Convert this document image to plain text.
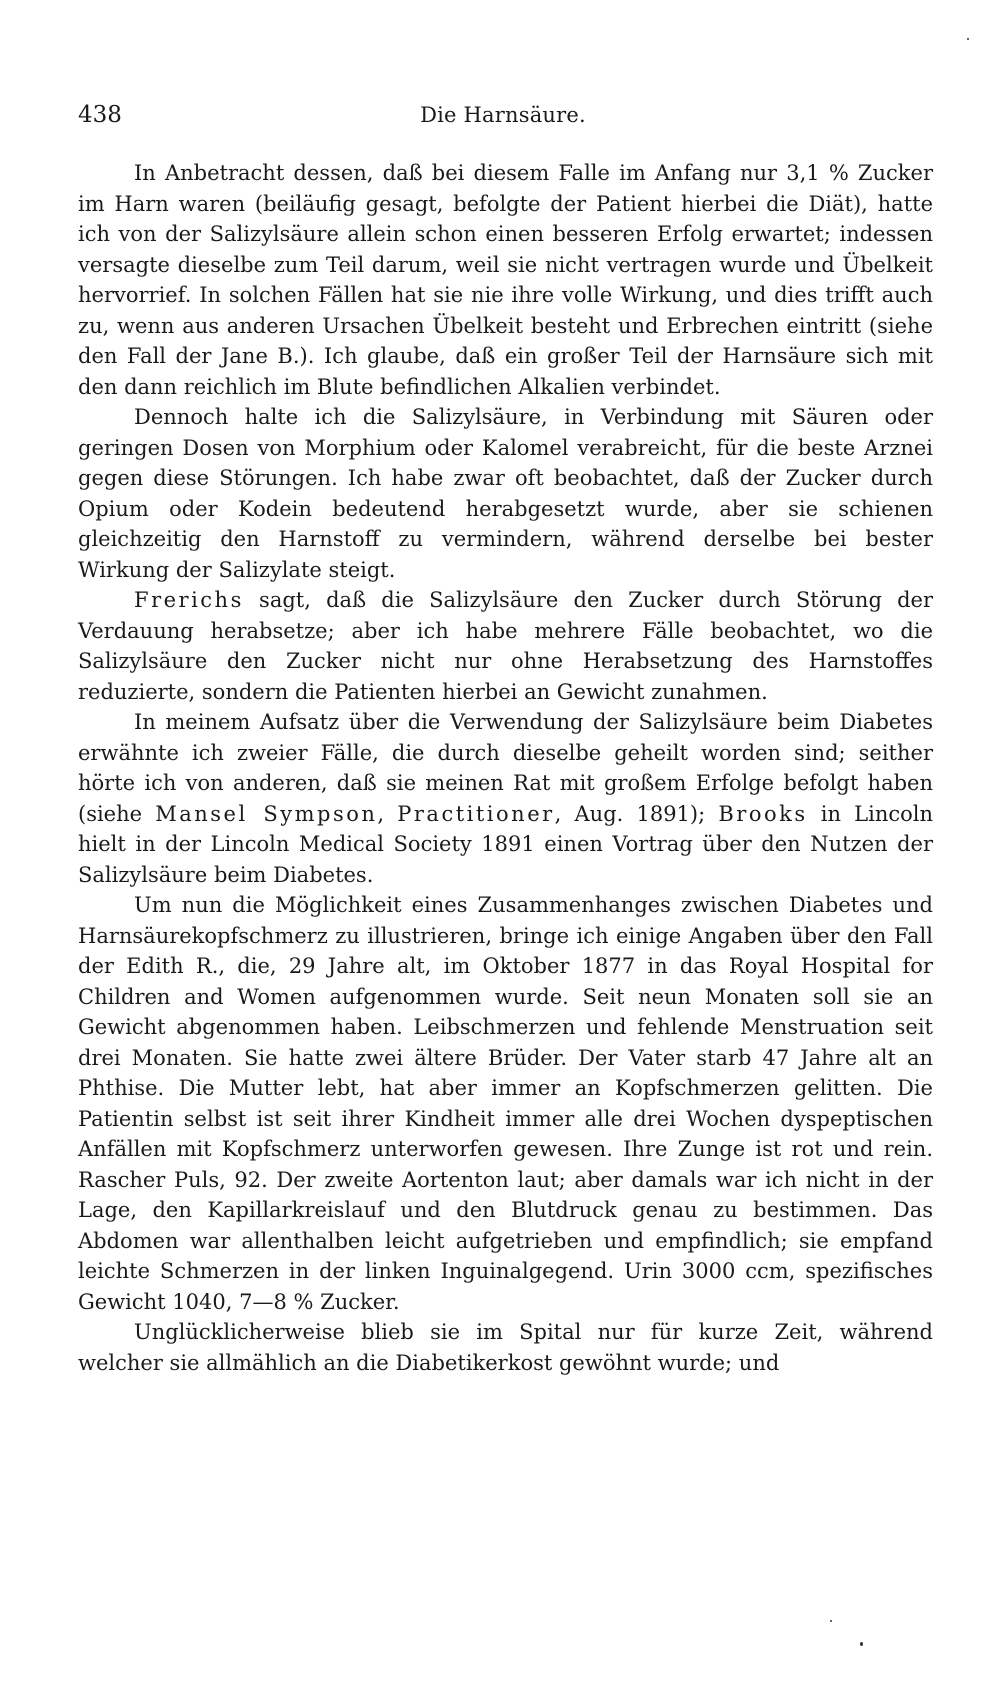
438	Die Harnsäure.

In Anbetracht dessen, daß bei diesem Falle im Anfang nur 3,1 % Zucker im Harn waren (beiläufig gesagt, befolgte der Patient hierbei die Diät), hatte ich von der Salizylsäure allein schon einen besseren Erfolg erwartet; indessen versagte dieselbe zum Teil darum, weil sie nicht vertragen wurde und Übelkeit hervorrief. In solchen Fällen hat sie nie ihre volle Wirkung, und dies trifft auch zu, wenn aus anderen Ursachen Übelkeit besteht und Erbrechen eintritt (siehe den Fall der Jane B.). Ich glaube, daß ein großer Teil der Harnsäure sich mit den dann reichlich im Blute befindlichen Alkalien verbindet.

Dennoch halte ich die Salizylsäure, in Verbindung mit Säuren oder geringen Dosen von Morphium oder Kalomel verabreicht, für die beste Arznei gegen diese Störungen. Ich habe zwar oft beobachtet, daß der Zucker durch Opium oder Kodein bedeutend herabgesetzt wurde, aber sie schienen gleichzeitig den Harnstoff zu vermindern, während derselbe bei bester Wirkung der Salizylate steigt.

Frerichs sagt, daß die Salizylsäure den Zucker durch Störung der Verdauung herabsetze; aber ich habe mehrere Fälle beobachtet, wo die Salizylsäure den Zucker nicht nur ohne Herabsetzung des Harnstoffes reduzierte, sondern die Patienten hierbei an Gewicht zunahmen.

In meinem Aufsatz über die Verwendung der Salizylsäure beim Diabetes erwähnte ich zweier Fälle, die durch dieselbe geheilt worden sind; seither hörte ich von anderen, daß sie meinen Rat mit großem Erfolge befolgt haben (siehe Mansel Sympson, Practitioner, Aug. 1891); Brooks in Lincoln hielt in der Lincoln Medical Society 1891 einen Vortrag über den Nutzen der Salizylsäure beim Diabetes.

Um nun die Möglichkeit eines Zusammenhanges zwischen Diabetes und Harnsäurekopfschmerz zu illustrieren, bringe ich einige Angaben über den Fall der Edith R., die, 29 Jahre alt, im Oktober 1877 in das Royal Hospital for Children and Women aufgenommen wurde. Seit neun Monaten soll sie an Gewicht abgenommen haben. Leibschmerzen und fehlende Menstruation seit drei Monaten. Sie hatte zwei ältere Brüder. Der Vater starb 47 Jahre alt an Phthise. Die Mutter lebt, hat aber immer an Kopfschmerzen gelitten. Die Patientin selbst ist seit ihrer Kindheit immer alle drei Wochen dyspeptischen Anfällen mit Kopfschmerz unterworfen gewesen. Ihre Zunge ist rot und rein. Rascher Puls, 92. Der zweite Aortenton laut; aber damals war ich nicht in der Lage, den Kapillarkreislauf und den Blutdruck genau zu bestimmen. Das Abdomen war allenthalben leicht aufgetrieben und empfindlich; sie empfand leichte Schmerzen in der linken Inguinalgegend. Urin 3000 ccm, spezifisches Gewicht 1040, 7—8 % Zucker.

Unglücklicherweise blieb sie im Spital nur für kurze Zeit, während welcher sie allmählich an die Diabetikerkost gewöhnt wurde; und
